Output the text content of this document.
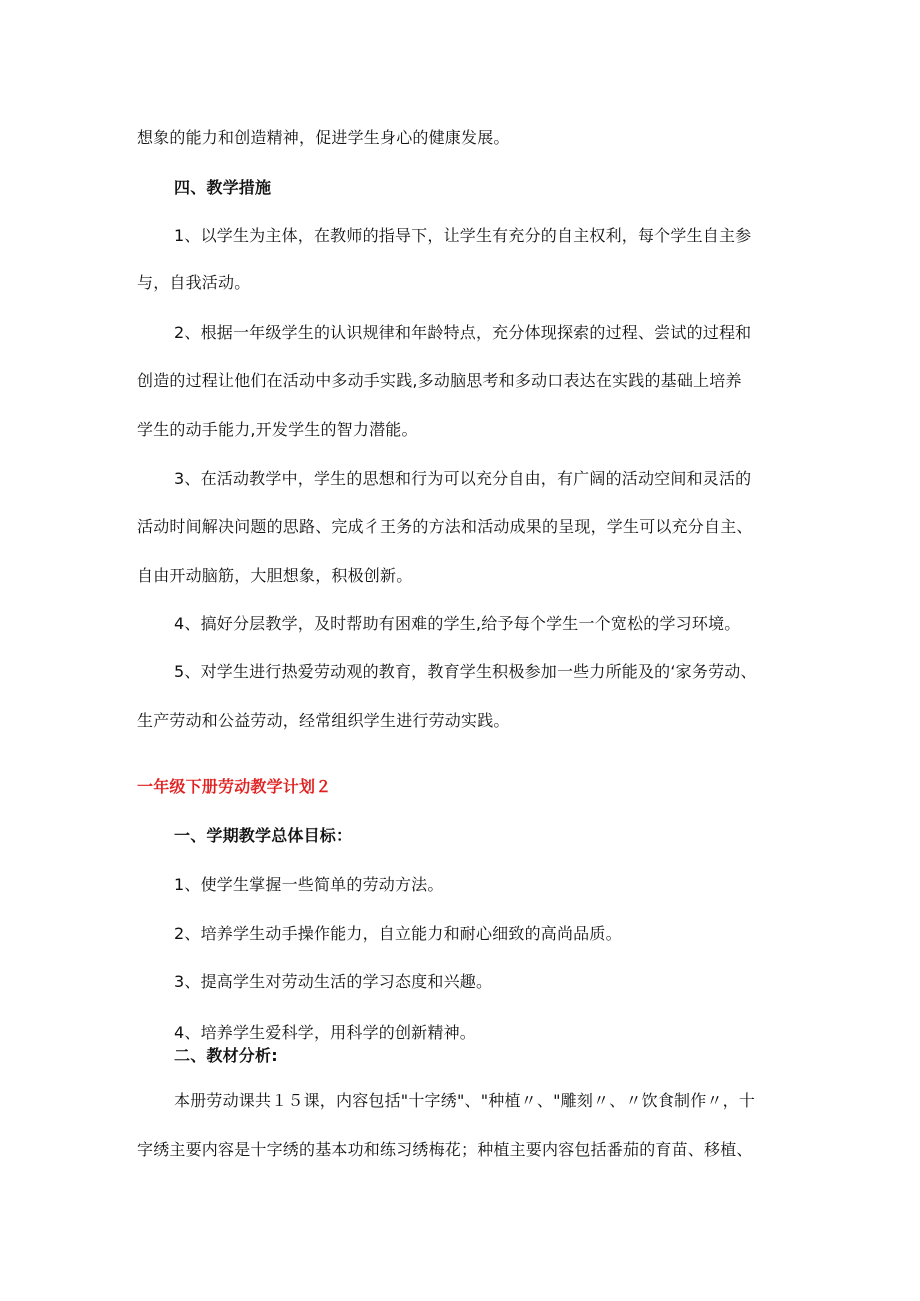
想象的能力和创造精神，促进学生身心的健康发展。
四、教学措施
1、以学生为主体，在教师的指导下，让学生有充分的自主权利，每个学生自主参
与，自我活动。
2、根据一年级学生的认识规律和年龄特点，充分体现探索的过程、尝试的过程和
创造的过程让他们在活动中多动手实践,多动脑思考和多动口表达在实践的基础上培养
学生的动手能力,开发学生的智力潜能。
3、在活动教学中，学生的思想和行为可以充分自由，有广阔的活动空间和灵活的
活动时间解决问题的思路、完成彳王务的方法和活动成果的呈现，学生可以充分自主、
自由开动脑筋，大胆想象，积极创新。
4、搞好分层教学，及时帮助有困难的学生,给予每个学生一个宽松的学习环境。
5、对学生进行热爱劳动观的教育，教育学生积极参加一些力所能及的‘家务劳动、
生产劳动和公益劳动，经常组织学生进行劳动实践。
一年级下册劳动教学计划２
一、学期教学总体目标：
1、使学生掌握一些简单的劳动方法。
2、培养学生动手操作能力，自立能力和耐心细致的高尚品质。
3、提高学生对劳动生活的学习态度和兴趣。
4、培养学生爱科学，用科学的创新精神。
二、教材分析:
本册劳动课共１５课，内容包括"十字绣"、"种植〃、"雕刻〃、〃饮食制作〃，十
字绣主要内容是十字绣的基本功和练习绣梅花；种植主要内容包括番茄的育苗、移植、
